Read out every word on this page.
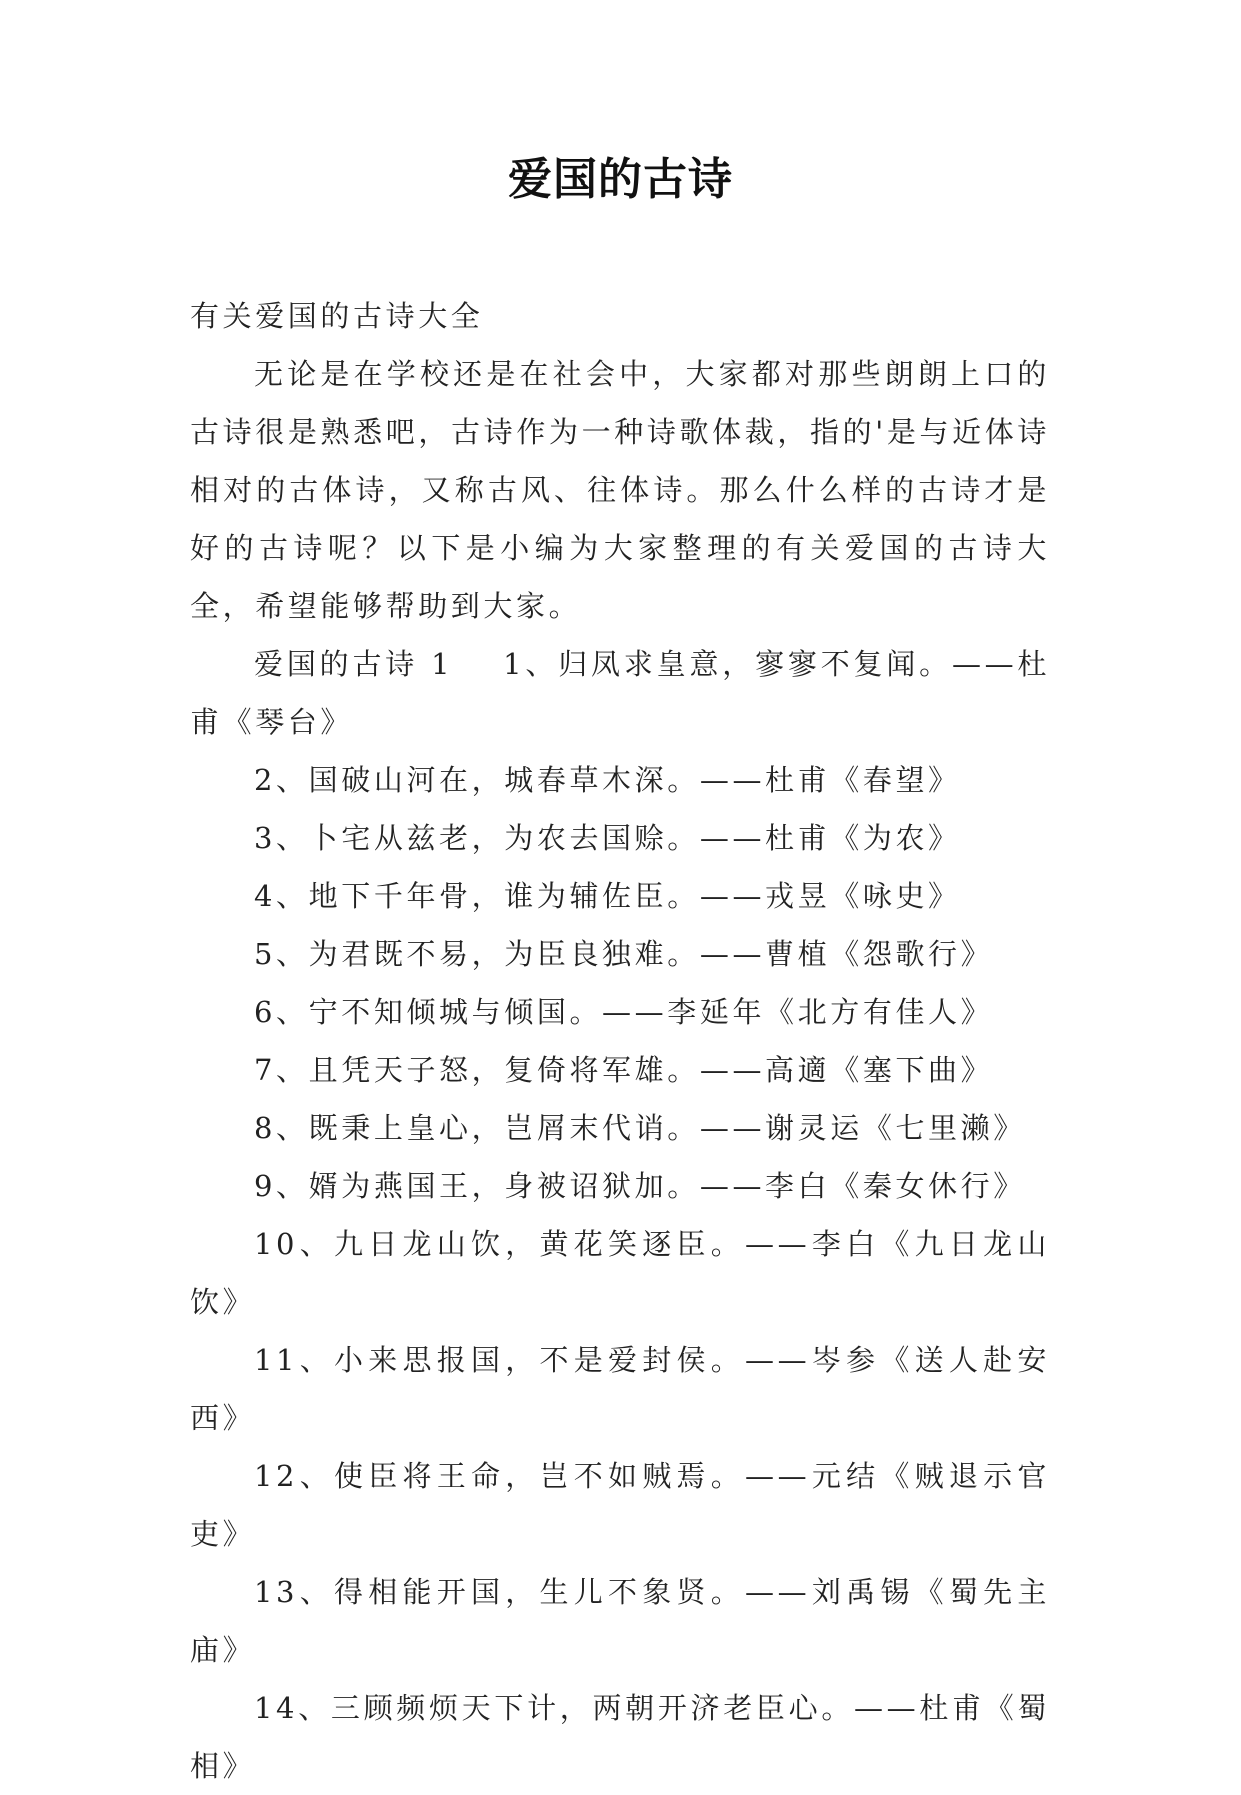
爱国的古诗

有关爱国的古诗大全

无论是在学校还是在社会中，大家都对那些朗朗上口的古诗很是熟悉吧，古诗作为一种诗歌体裁，指的'是与近体诗相对的古体诗，又称古风、往体诗。那么什么样的古诗才是好的古诗呢？以下是小编为大家整理的有关爱国的古诗大全，希望能够帮助到大家。

爱国的古诗 1 1、归凤求皇意，寥寥不复闻。——杜甫《琴台》

2、国破山河在，城春草木深。——杜甫《春望》

3、卜宅从兹老，为农去国赊。——杜甫《为农》

4、地下千年骨，谁为辅佐臣。——戎昱《咏史》

5、为君既不易，为臣良独难。——曹植《怨歌行》

6、宁不知倾城与倾国。——李延年《北方有佳人》

7、且凭天子怒，复倚将军雄。——高適《塞下曲》

8、既秉上皇心，岂屑末代诮。——谢灵运《七里濑》

9、婿为燕国王，身被诏狱加。——李白《秦女休行》

10、九日龙山饮，黄花笑逐臣。——李白《九日龙山饮》

11、小来思报国，不是爱封侯。——岑参《送人赴安西》

12、使臣将王命，岂不如贼焉。——元结《贼退示官吏》

13、得相能开国，生儿不象贤。——刘禹锡《蜀先主庙》

14、三顾频烦天下计，两朝开济老臣心。——杜甫《蜀相》
